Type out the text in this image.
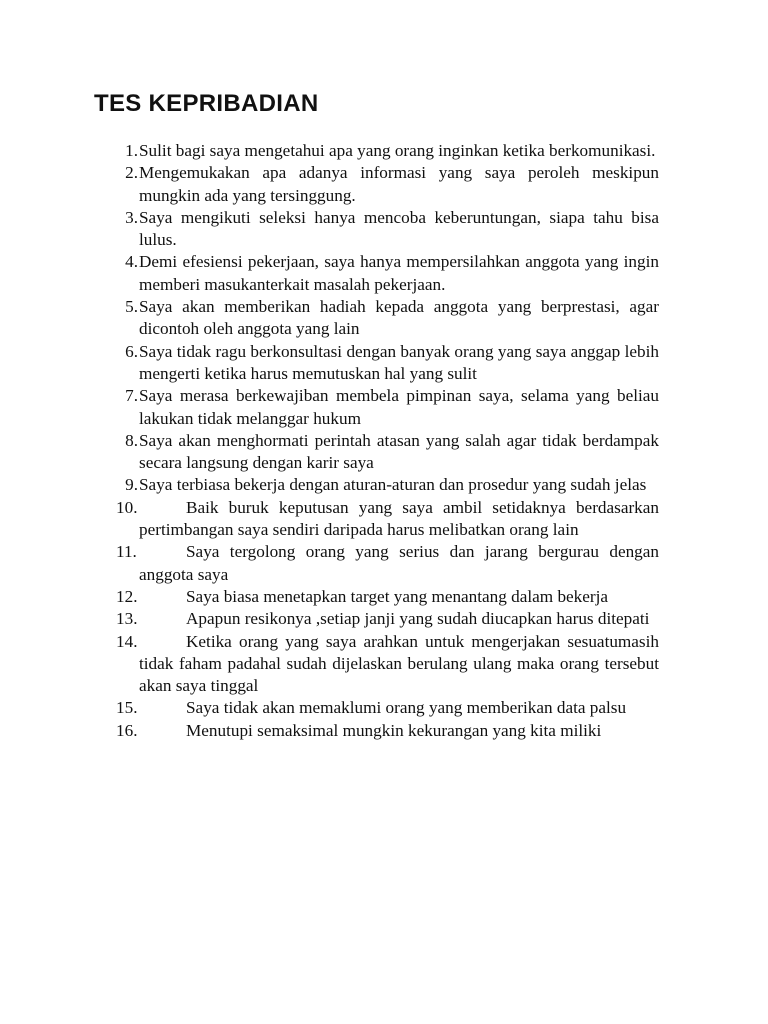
TES KEPRIBADIAN
1. Sulit bagi saya mengetahui apa yang orang inginkan ketika berkomunikasi.
2. Mengemukakan apa adanya informasi yang saya peroleh meskipun mungkin ada yang tersinggung.
3. Saya mengikuti seleksi hanya mencoba keberuntungan, siapa tahu bisa lulus.
4. Demi efesiensi pekerjaan, saya hanya mempersilahkan anggota yang ingin memberi masukanterkait masalah pekerjaan.
5. Saya akan memberikan hadiah kepada anggota yang berprestasi, agar dicontoh oleh anggota yang lain
6. Saya tidak ragu berkonsultasi dengan banyak orang yang saya anggap lebih mengerti ketika harus memutuskan hal yang sulit
7. Saya merasa berkewajiban membela pimpinan saya, selama yang beliau lakukan tidak melanggar hukum
8. Saya akan menghormati perintah atasan yang salah agar tidak berdampak secara langsung dengan karir saya
9. Saya terbiasa bekerja dengan aturan-aturan dan prosedur yang sudah jelas
10.	Baik buruk keputusan yang saya ambil setidaknya berdasarkan pertimbangan saya sendiri daripada harus melibatkan orang lain
11.	Saya tergolong orang yang serius dan jarang bergurau dengan anggota saya
12.	Saya biasa menetapkan target yang menantang dalam bekerja
13.	Apapun resikonya ,setiap janji yang sudah diucapkan harus ditepati
14.	Ketika orang yang saya arahkan untuk mengerjakan sesuatumasih tidak faham padahal sudah dijelaskan berulang ulang maka orang tersebut akan saya tinggal
15.	Saya tidak akan memaklumi orang yang memberikan data palsu
16.	Menutupi semaksimal mungkin kekurangan yang kita miliki
